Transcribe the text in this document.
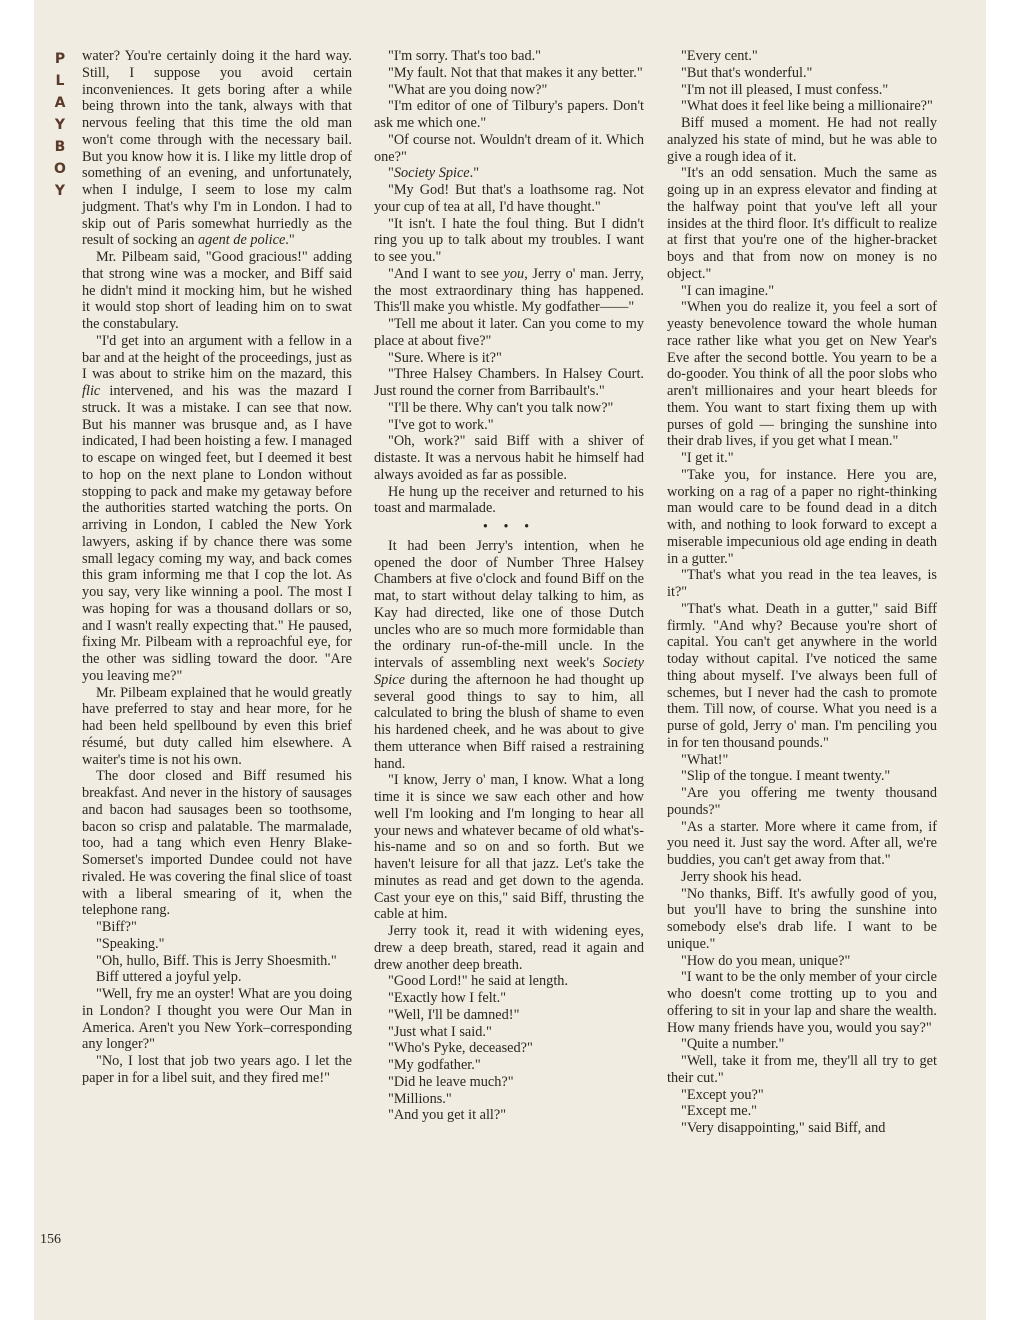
P
L
A
Y
B
O
Y

water? You're certainly doing it the hard way. Still, I suppose you avoid certain inconveniences. It gets boring after a while being thrown into the tank, always with that nervous feeling that this time the old man won't come through with the necessary bail. But you know how it is. I like my little drop of something of an evening, and unfortunately, when I indulge, I seem to lose my calm judgment. That's why I'm in London. I had to skip out of Paris somewhat hurriedly as the result of socking an agent de police."

Mr. Pilbeam said, "Good gracious!" adding that strong wine was a mocker, and Biff said he didn't mind it mocking him, but he wished it would stop short of leading him on to swat the constabulary.

"I'd get into an argument with a fellow in a bar and at the height of the proceedings, just as I was about to strike him on the mazard, this flic intervened, and his was the mazard I struck. It was a mistake. I can see that now. But his manner was brusque and, as I have indicated, I had been hoisting a few. I managed to escape on winged feet, but I deemed it best to hop on the next plane to London without stopping to pack and make my getaway before the authorities started watching the ports. On arriving in London, I cabled the New York lawyers, asking if by chance there was some small legacy coming my way, and back comes this gram informing me that I cop the lot. As you say, very like winning a pool. The most I was hoping for was a thousand dollars or so, and I wasn't really expecting that." He paused, fixing Mr. Pilbeam with a reproachful eye, for the other was sidling toward the door. "Are you leaving me?"

Mr. Pilbeam explained that he would greatly have preferred to stay and hear more, for he had been held spellbound by even this brief résumé, but duty called him elsewhere. A waiter's time is not his own.

The door closed and Biff resumed his breakfast. And never in the history of sausages and bacon had sausages been so toothsome, bacon so crisp and palatable. The marmalade, too, had a tang which even Henry Blake-Somerset's imported Dundee could not have rivaled. He was covering the final slice of toast with a liberal smearing of it, when the telephone rang.

"Biff?"

"Speaking."

"Oh, hullo, Biff. This is Jerry Shoesmith."

Biff uttered a joyful yelp.

"Well, fry me an oyster! What are you doing in London? I thought you were Our Man in America. Aren't you New York–corresponding any longer?"

"No, I lost that job two years ago. I let the paper in for a libel suit, and they fired me!"

"I'm sorry. That's too bad."

"My fault. Not that that makes it any better."

"What are you doing now?"

"I'm editor of one of Tilbury's papers. Don't ask me which one."

"Of course not. Wouldn't dream of it. Which one?"

"Society Spice."

"My God! But that's a loathsome rag. Not your cup of tea at all, I'd have thought."

"It isn't. I hate the foul thing. But I didn't ring you up to talk about my troubles. I want to see you."

"And I want to see you, Jerry o' man. Jerry, the most extraordinary thing has happened. This'll make you whistle. My godfather——"

"Tell me about it later. Can you come to my place at about five?"

"Sure. Where is it?"

"Three Halsey Chambers. In Halsey Court. Just round the corner from Barribault's."

"I'll be there. Why can't you talk now?"

"I've got to work."

"Oh, work?" said Biff with a shiver of distaste. It was a nervous habit he himself had always avoided as far as possible.

He hung up the receiver and returned to his toast and marmalade.

• • •

It had been Jerry's intention, when he opened the door of Number Three Halsey Chambers at five o'clock and found Biff on the mat, to start without delay talking to him, as Kay had directed, like one of those Dutch uncles who are so much more formidable than the ordinary run-of-the-mill uncle. In the intervals of assembling next week's Society Spice during the afternoon he had thought up several good things to say to him, all calculated to bring the blush of shame to even his hardened cheek, and he was about to give them utterance when Biff raised a restraining hand.

"I know, Jerry o' man, I know. What a long time it is since we saw each other and how well I'm looking and I'm longing to hear all your news and whatever became of old what's-his-name and so on and so forth. But we haven't leisure for all that jazz. Let's take the minutes as read and get down to the agenda. Cast your eye on this," said Biff, thrusting the cable at him.

Jerry took it, read it with widening eyes, drew a deep breath, stared, read it again and drew another deep breath.

"Good Lord!" he said at length.

"Exactly how I felt."

"Well, I'll be damned!"

"Just what I said."

"Who's Pyke, deceased?"

"My godfather."

"Did he leave much?"

"Millions."

"And you get it all?"

"Every cent."

"But that's wonderful."

"I'm not ill pleased, I must confess."

"What does it feel like being a millionaire?"

Biff mused a moment. He had not really analyzed his state of mind, but he was able to give a rough idea of it.

"It's an odd sensation. Much the same as going up in an express elevator and finding at the halfway point that you've left all your insides at the third floor. It's difficult to realize at first that you're one of the higher-bracket boys and that from now on money is no object."

"I can imagine."

"When you do realize it, you feel a sort of yeasty benevolence toward the whole human race rather like what you get on New Year's Eve after the second bottle. You yearn to be a do-gooder. You think of all the poor slobs who aren't millionaires and your heart bleeds for them. You want to start fixing them up with purses of gold — bringing the sunshine into their drab lives, if you get what I mean."

"I get it."

"Take you, for instance. Here you are, working on a rag of a paper no right-thinking man would care to be found dead in a ditch with, and nothing to look forward to except a miserable impecunious old age ending in death in a gutter."

"That's what you read in the tea leaves, is it?"

"That's what. Death in a gutter," said Biff firmly. "And why? Because you're short of capital. You can't get anywhere in the world today without capital. I've noticed the same thing about myself. I've always been full of schemes, but I never had the cash to promote them. Till now, of course. What you need is a purse of gold, Jerry o' man. I'm penciling you in for ten thousand pounds."

"What!"

"Slip of the tongue. I meant twenty."

"Are you offering me twenty thousand pounds?"

"As a starter. More where it came from, if you need it. Just say the word. After all, we're buddies, you can't get away from that."

Jerry shook his head.

"No thanks, Biff. It's awfully good of you, but you'll have to bring the sunshine into somebody else's drab life. I want to be unique."

"How do you mean, unique?"

"I want to be the only member of your circle who doesn't come trotting up to you and offering to sit in your lap and share the wealth. How many friends have you, would you say?"

"Quite a number."

"Well, take it from me, they'll all try to get their cut."

"Except you?"

"Except me."

"Very disappointing," said Biff, and

156
